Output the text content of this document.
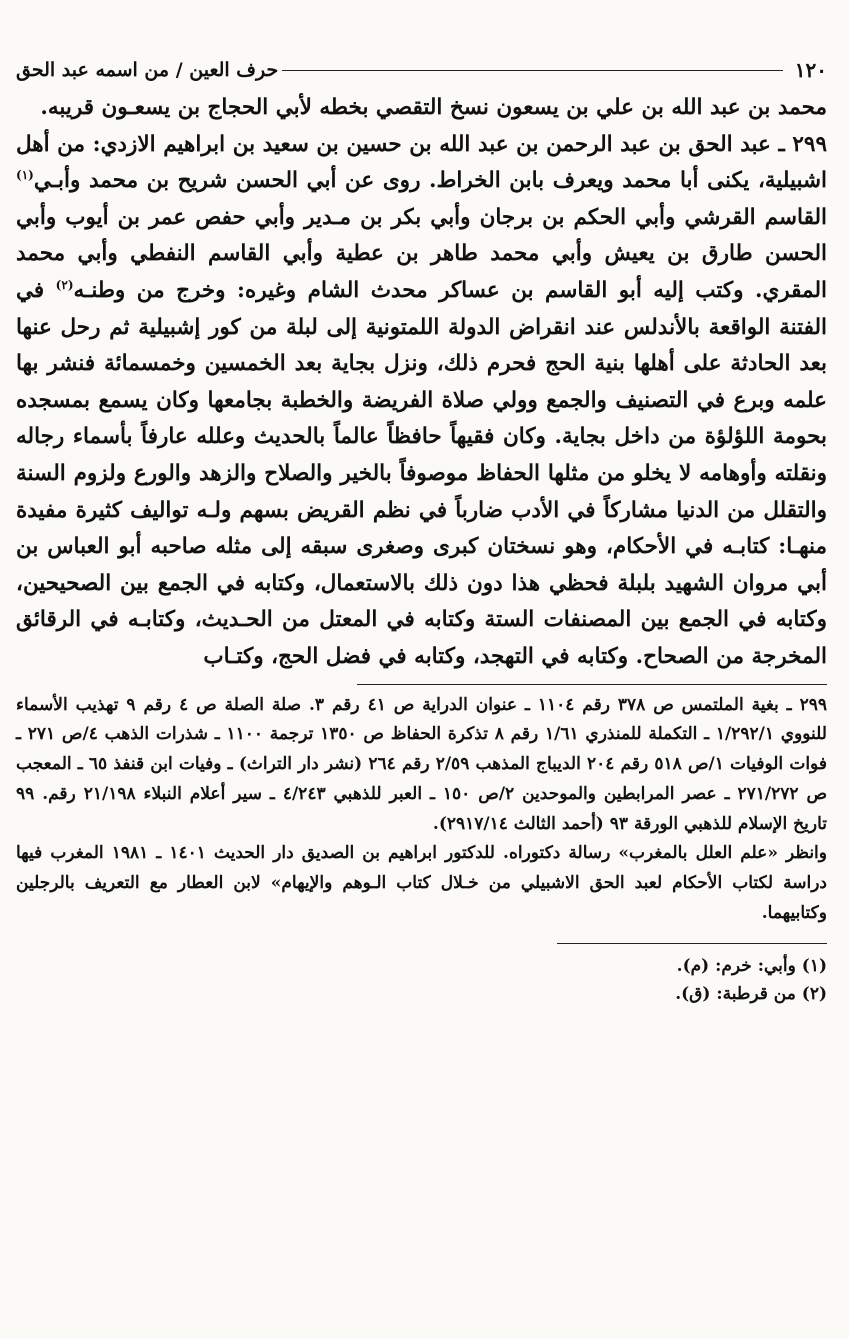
١٢٠
حرف العين / من اسمه عبد الحق

محمد بن عبد الله بن علي بن يسعون نسخ التقصي بخطه لأبي الحجاج بن يسعـون قريبه.

٢٩٩ ـ عبد الحق بن عبد الرحمن بن عبد الله بن حسين بن سعيد بن ابراهيم الازدي: من أهل اشبيلية، يكنى أبا محمد ويعرف بابن الخراط. روى عن أبي الحسن شريح بن محمد وأبـي$^{(١)}$ القاسم القرشي وأبي الحكم بن برجان وأبي بكر بن مـدير وأبي حفص عمر بن أيوب وأبي الحسن طارق بن يعيش وأبي محمد طاهر بن عطية وأبي القاسم النفطي وأبي محمد المقري. وكتب إليه أبو القاسم بن عساكر محدث الشام وغيره: وخرج من وطنـه$^{(٢)}$ في الفتنة الواقعة بالأندلس عند انقراض الدولة اللمتونية إلى لبلة من كور إشبيلية ثم رحل عنها بعد الحادثة على أهلها بنية الحج فحرم ذلك، ونزل بجاية بعد الخمسين وخمسمائة فنشر بها علمه وبرع في التصنيف والجمع وولي صلاة الفريضة والخطبة بجامعها وكان يسمع بمسجده بحومة اللؤلؤة من داخل بجاية. وكان فقيهاً حافظاً عالماً بالحديث وعلله عارفاً بأسماء رجاله ونقلته وأوهامه لا يخلو من مثلها الحفاظ موصوفاً بالخير والصلاح والزهد والورع ولزوم السنة والتقلل من الدنيا مشاركاً في الأدب ضارباً في نظم القريض بسهم ولـه تواليف كثيرة مفيدة منهـا: كتابـه في الأحكام، وهو نسختان كبرى وصغرى سبقه إلى مثله صاحبه أبو العباس بن أبي مروان الشهيد بلبلة فحظي هذا دون ذلك بالاستعمال، وكتابه في الجمع بين الصحيحين، وكتابه في الجمع بين المصنفات الستة وكتابه في المعتل من الحـديث، وكتابـه في الرقائق المخرجة من الصحاح. وكتابه في التهجد، وكتابه في فضل الحج، وكتـاب

٢٩٩ ـ بغية الملتمس ص ٣٧٨ رقم ١١٠٤ ـ عنوان الدراية ص ٤١ رقم ٣. صلة الصلة ص ٤ رقم ٩ تهذيب الأسماء للنووي ١/٢٩٢/١ ـ التكملة للمنذري ١/٦١ رقم ٨ تذكرة الحفاظ ص ١٣٥٠ ترجمة ١١٠٠ ـ شذرات الذهب ٤/ص ٢٧١ ـ فوات الوفيات ١/ص ٥١٨ رقم ٢٠٤ الديباج المذهب ٢/٥٩ رقم ٢٦٤ (نشر دار التراث) ـ وفيات ابن قنفذ ٦٥ ـ المعجب ص ٢٧١/٢٧٢ ـ عصر المرابطين والموحدين ٢/ص ١٥٠ ـ العبر للذهبي ٤/٢٤٣ ـ سير أعلام النبلاء ٢١/١٩٨ رقم. ٩٩ تاريخ الإسلام للذهبي الورقة ٩٣ (أحمد الثالث ٢٩١٧/١٤).

وانظر «علم العلل بالمغرب» رسالة دكتوراه. للدكتور ابراهيم بن الصديق دار الحديث ١٤٠١ ـ ١٩٨١ المغرب فيها دراسة لكتاب الأحكام لعبد الحق الاشبيلي من خـلال كتاب الـوهم والإيهام» لابن العطار مع التعريف بالرجلين وكتابيهما.

(١) وأبي: خرم: (م).

(٢) من قرطبة: (ق).
